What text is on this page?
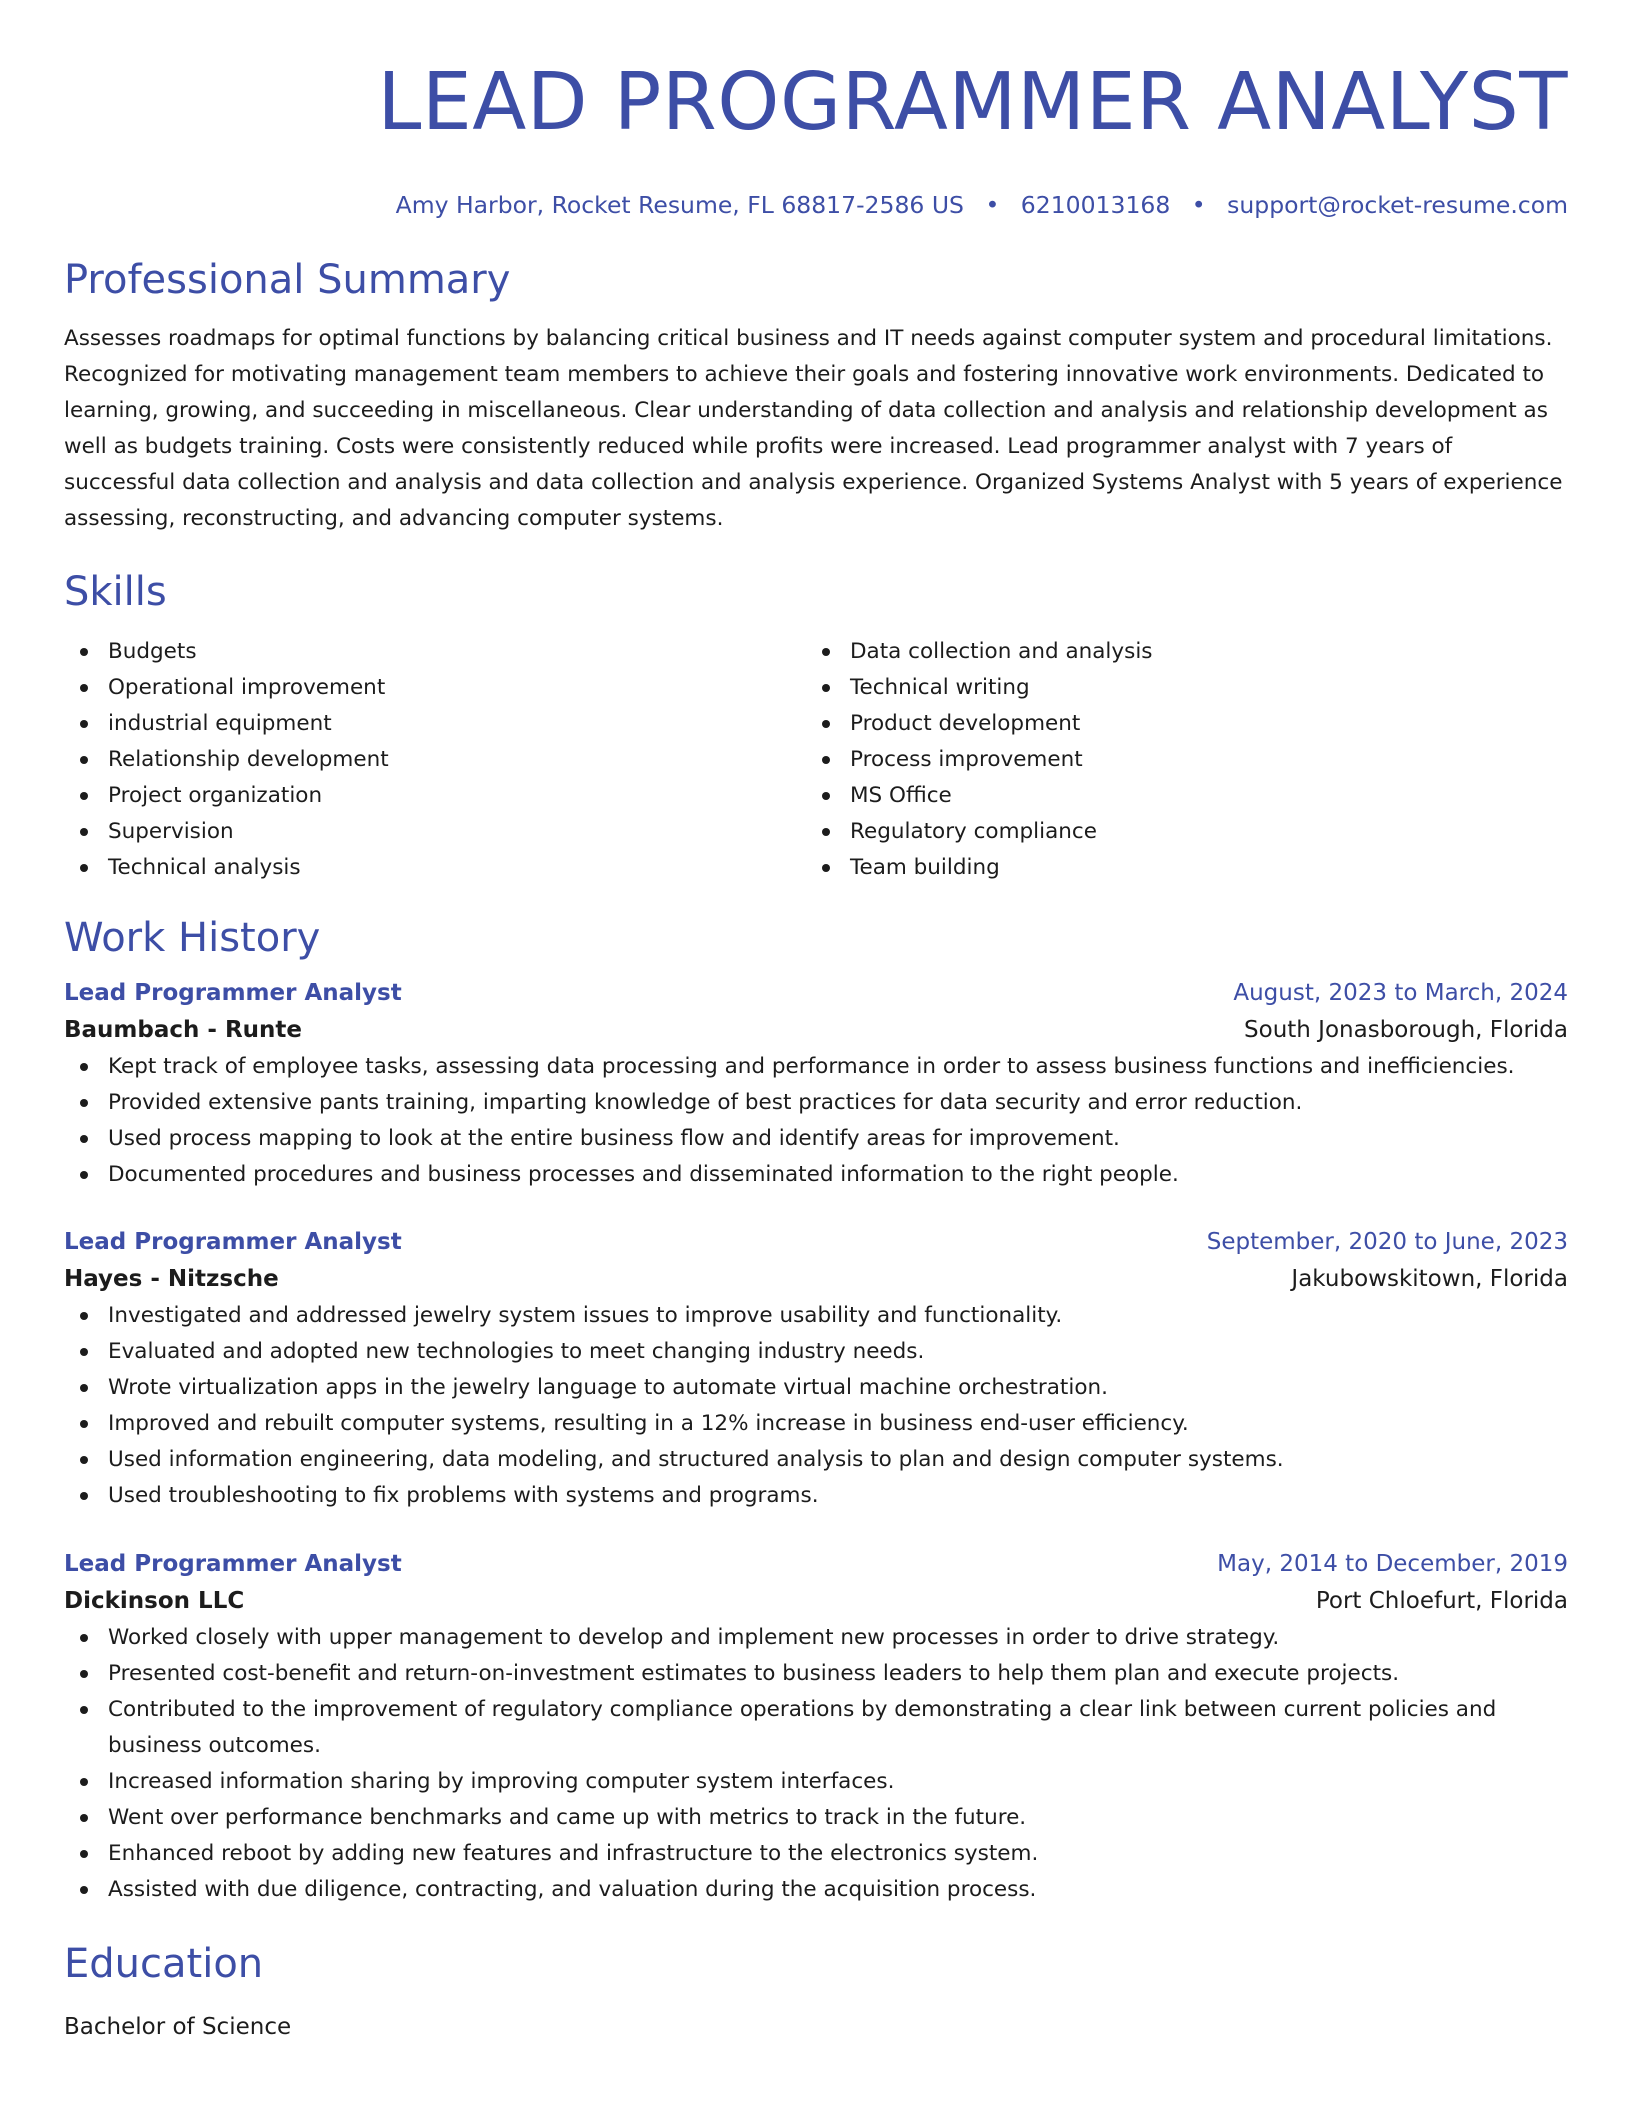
LEAD PROGRAMMER ANALYST
Amy Harbor, Rocket Resume, FL 68817-2586 US • 6210013168 • support@rocket-resume.com
Professional Summary

Assesses roadmaps for optimal functions by balancing critical business and IT needs against computer system and procedural limitations. Recognized for motivating management team members to achieve their goals and fostering innovative work environments. Dedicated to learning, growing, and succeeding in miscellaneous. Clear understanding of data collection and analysis and relationship development as well as budgets training. Costs were consistently reduced while profits were increased. Lead programmer analyst with 7 years of successful data collection and analysis and data collection and analysis experience. Organized Systems Analyst with 5 years of experience assessing, reconstructing, and advancing computer systems.

Skills
Budgets
Operational improvement
industrial equipment
Relationship development
Project organization
Supervision
Technical analysis
Data collection and analysis
Technical writing
Product development
Process improvement
MS Office
Regulatory compliance
Team building
Work History
Lead Programmer Analyst	August, 2023 to March, 2024
Baumbach - Runte	South Jonasborough, Florida
Kept track of employee tasks, assessing data processing and performance in order to assess business functions and inefficiencies.
Provided extensive pants training, imparting knowledge of best practices for data security and error reduction.
Used process mapping to look at the entire business flow and identify areas for improvement.
Documented procedures and business processes and disseminated information to the right people.
Lead Programmer Analyst	September, 2020 to June, 2023
Hayes - Nitzsche	Jakubowskitown, Florida
Investigated and addressed jewelry system issues to improve usability and functionality.
Evaluated and adopted new technologies to meet changing industry needs.
Wrote virtualization apps in the jewelry language to automate virtual machine orchestration.
Improved and rebuilt computer systems, resulting in a 12% increase in business end-user efficiency.
Used information engineering, data modeling, and structured analysis to plan and design computer systems.
Used troubleshooting to fix problems with systems and programs.
Lead Programmer Analyst	May, 2014 to December, 2019
Dickinson LLC	Port Chloefurt, Florida
Worked closely with upper management to develop and implement new processes in order to drive strategy.
Presented cost-benefit and return-on-investment estimates to business leaders to help them plan and execute projects.
Contributed to the improvement of regulatory compliance operations by demonstrating a clear link between current policies and business outcomes.
Increased information sharing by improving computer system interfaces.
Went over performance benchmarks and came up with metrics to track in the future.
Enhanced reboot by adding new features and infrastructure to the electronics system.
Assisted with due diligence, contracting, and valuation during the acquisition process.
Education
Bachelor of Science
